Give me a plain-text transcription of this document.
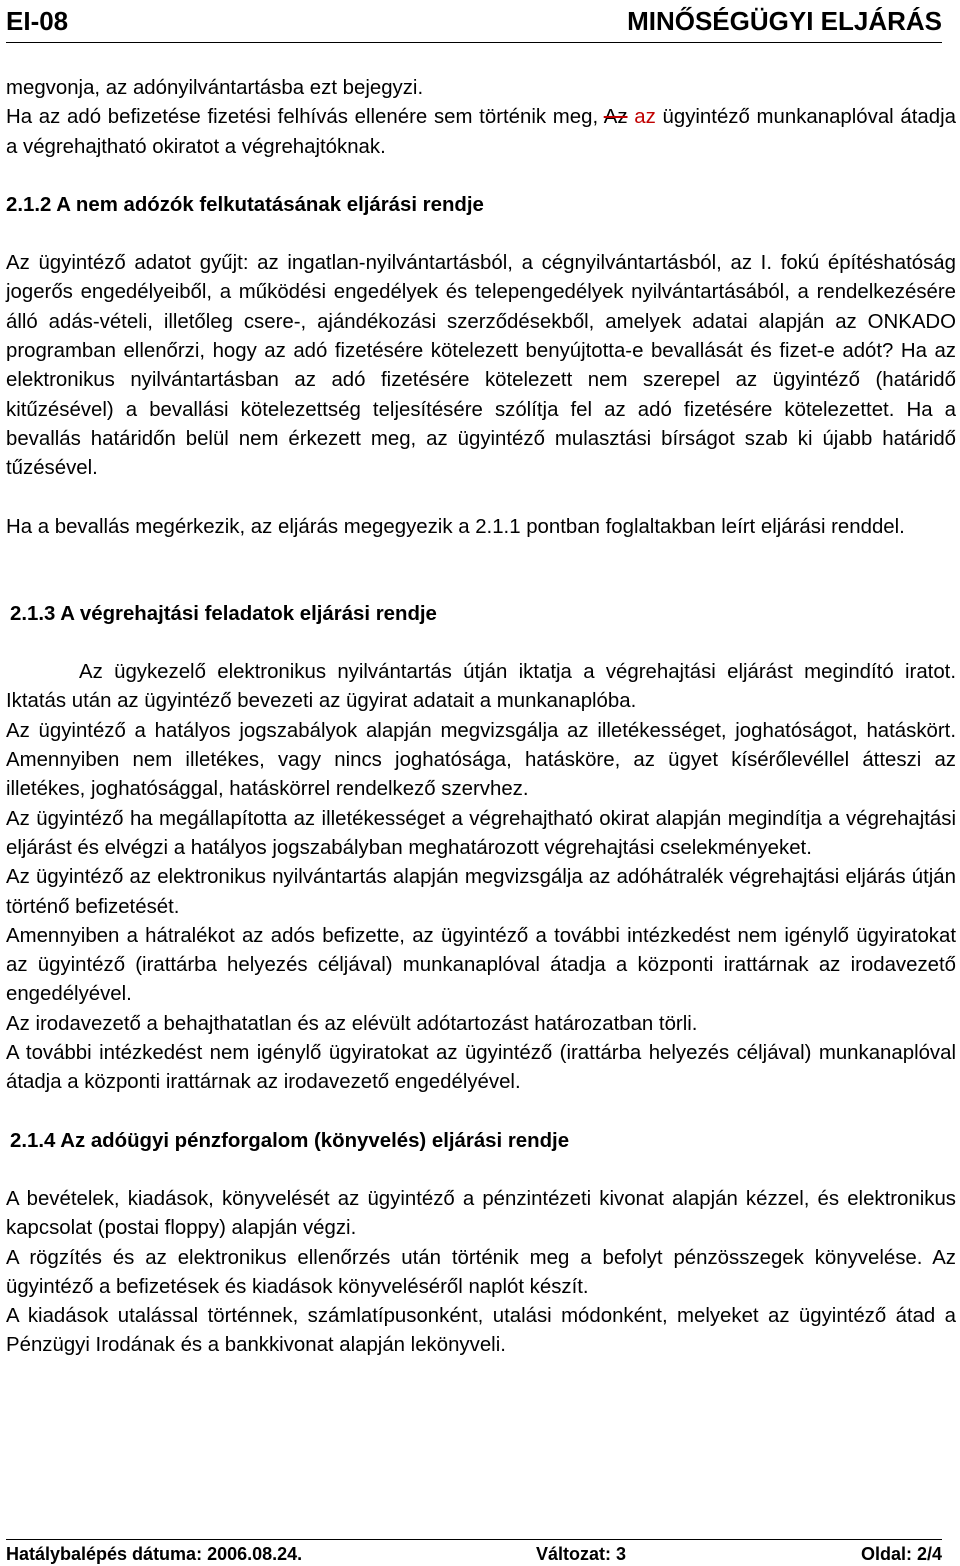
EI-08	MINŐSÉGÜGYI ELJÁRÁS

megvonja, az adónyilvántartásba ezt bejegyzi.

Ha az adó befizetése fizetési felhívás ellenére sem történik meg, Az az ügyintéző munkanaplóval átadja a végrehajtható okiratot a végrehajtóknak.

2.1.2 A nem adózók felkutatásának eljárási rendje

Az ügyintéző adatot gyűjt: az ingatlan-nyilvántartásból, a cégnyilvántartásból, az I. fokú építéshatóság jogerős engedélyeiből, a működési engedélyek és telepengedélyek nyilvántartásából, a rendelkezésére álló adás-vételi, illetőleg csere-, ajándékozási szerződésekből, amelyek adatai alapján az ONKADO programban ellenőrzi, hogy az adó fizetésére kötelezett benyújtotta-e bevallását és fizet-e adót? Ha az elektronikus nyilvántartásban az adó fizetésére kötelezett nem szerepel az ügyintéző (határidő kitűzésével) a bevallási kötelezettség teljesítésére szólítja fel az adó fizetésére kötelezettet. Ha a bevallás határidőn belül nem érkezett meg, az ügyintéző mulasztási bírságot szab ki újabb határidő tűzésével.

Ha a bevallás megérkezik, az eljárás megegyezik a 2.1.1 pontban foglaltakban leírt eljárási renddel.

2.1.3 A végrehajtási feladatok eljárási rendje

Az ügykezelő elektronikus nyilvántartás útján iktatja a végrehajtási eljárást megindító iratot. Iktatás után az ügyintéző bevezeti az ügyirat adatait a munkanaplóba.

Az ügyintéző a hatályos jogszabályok alapján megvizsgálja az illetékességet, joghatóságot, hatáskört. Amennyiben nem illetékes, vagy nincs joghatósága, hatásköre, az ügyet kísérőlevéllel átteszi az illetékes, joghatósággal, hatáskörrel rendelkező szervhez.

Az ügyintéző ha megállapította az illetékességet a végrehajtható okirat alapján megindítja a végrehajtási eljárást és elvégzi a hatályos jogszabályban meghatározott végrehajtási cselekményeket.

Az ügyintéző az elektronikus nyilvántartás alapján megvizsgálja az adóhátralék végrehajtási eljárás útján történő befizetését.

Amennyiben a hátralékot az adós befizette, az ügyintéző a további intézkedést nem igénylő ügyiratokat az ügyintéző (irattárba helyezés céljával) munkanaplóval átadja a központi irattárnak az irodavezető engedélyével.

Az irodavezető a behajthatatlan és az elévült adótartozást határozatban törli.

A további intézkedést nem igénylő ügyiratokat az ügyintéző (irattárba helyezés céljával) munkanaplóval átadja a központi irattárnak az irodavezető engedélyével.

2.1.4 Az adóügyi pénzforgalom (könyvelés) eljárási rendje

A bevételek, kiadások, könyvelését az ügyintéző a pénzintézeti kivonat alapján kézzel, és elektronikus kapcsolat (postai floppy) alapján végzi.

A rögzítés és az elektronikus ellenőrzés után történik meg a befolyt pénzösszegek könyvelése. Az ügyintéző a befizetések és kiadások könyveléséről naplót készít.

A kiadások utalással történnek, számlatípusonként, utalási módonként, melyeket az ügyintéző átad a Pénzügyi Irodának és a bankkivonat alapján lekönyveli.

Hatálybalépés dátuma: 2006.08.24.	Változat: 3	Oldal: 2/4
